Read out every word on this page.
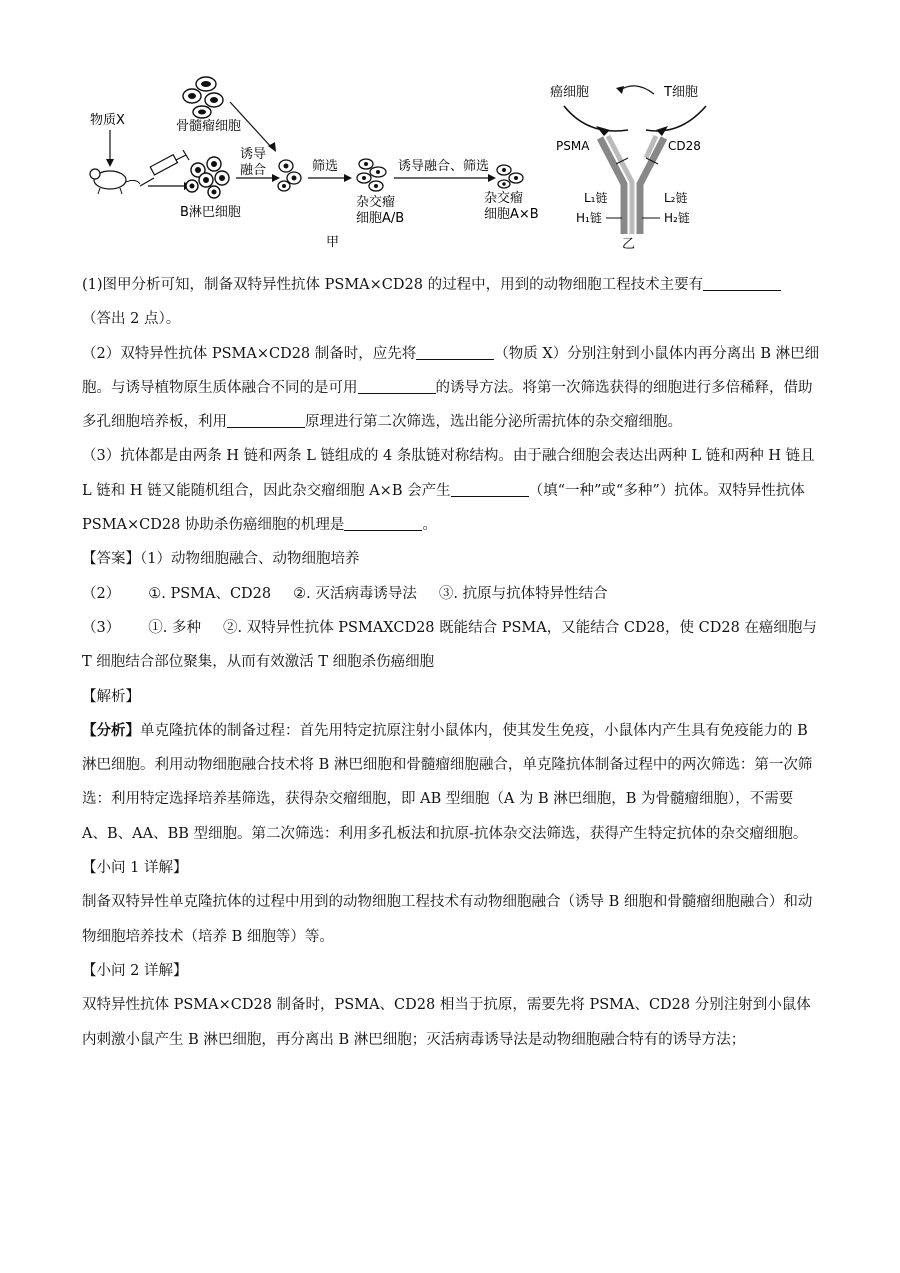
物质X	骨髓瘤细胞
B淋巴细胞
诱导
融合	筛选
杂交瘤
细胞A/B
诱导融合、筛选
杂交瘤
细胞A×B
甲
癌细胞	T细胞
PSMA	CD28
L₁链
H₁链
L₂链
H₂链
乙

(1)图甲分析可知，制备双特异性抗体 PSMA×CD28 的过程中，用到的动物细胞工程技术主要有
（答出 2 点）。

（2）双特异性抗体 PSMA×CD28 制备时，应先将	（物质 X）分别注射到小鼠体内再分离出 B 淋巴细胞。与诱导植物原生质体融合不同的是可用	的诱导方法。将第一次筛选获得的细胞进行多倍稀释，借助多孔细胞培养板，利用	原理进行第二次筛选，选出能分泌所需抗体的杂交瘤细胞。

（3）抗体都是由两条 H 链和两条 L 链组成的 4 条肽链对称结构。由于融合细胞会表达出两种 L 链和两种 H 链且 L 链和 H 链又能随机组合，因此杂交瘤细胞 A×B 会产生	（填“一种”或“多种”）抗体。双特异性抗体 PSMA×CD28 协助杀伤癌细胞的机理是	。

【答案】（1）动物细胞融合、动物细胞培养

（2） ①. PSMA、CD28 ②. 灭活病毒诱导法 ③. 抗原与抗体特异性结合

（3） ①. 多种 ②. 双特异性抗体 PSMAXCD28 既能结合 PSMA，又能结合 CD28，使 CD28 在癌细胞与 T 细胞结合部位聚集，从而有效激活 T 细胞杀伤癌细胞

【解析】

【分析】单克隆抗体的制备过程：首先用特定抗原注射小鼠体内，使其发生免疫，小鼠体内产生具有免疫能力的 B 淋巴细胞。利用动物细胞融合技术将 B 淋巴细胞和骨髓瘤细胞融合，单克隆抗体制备过程中的两次筛选：第一次筛选：利用特定选择培养基筛选，获得杂交瘤细胞，即 AB 型细胞（A 为 B 淋巴细胞，B 为骨髓瘤细胞），不需要 A、B、AA、BB 型细胞。第二次筛选：利用多孔板法和抗原-抗体杂交法筛选，获得产生特定抗体的杂交瘤细胞。

【小问 1 详解】

制备双特异性单克隆抗体的过程中用到的动物细胞工程技术有动物细胞融合（诱导 B 细胞和骨髓瘤细胞融合）和动物细胞培养技术（培养 B 细胞等）等。

【小问 2 详解】

双特异性抗体 PSMA×CD28 制备时，PSMA、CD28 相当于抗原，需要先将 PSMA、CD28 分别注射到小鼠体内刺激小鼠产生 B 淋巴细胞，再分离出 B 淋巴细胞；灭活病毒诱导法是动物细胞融合特有的诱导方法；
